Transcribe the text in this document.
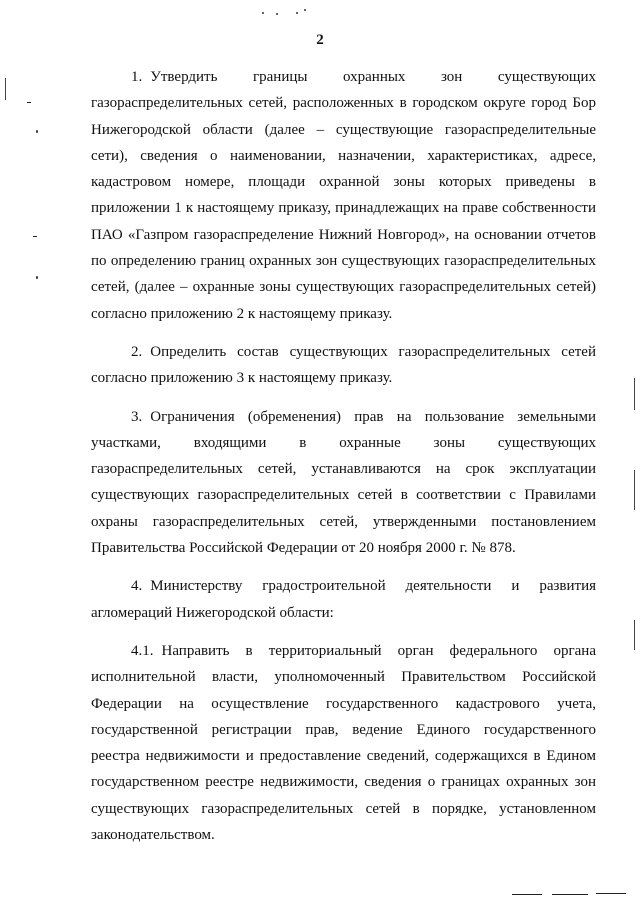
2

1. Утвердить границы охранных зон существующих газораспределительных сетей, расположенных в городском округе город Бор Нижегородской области (далее – существующие газораспределительные сети), сведения о наименовании, назначении, характеристиках, адресе, кадастровом номере, площади охранной зоны которых приведены в приложении 1 к настоящему приказу, принадлежащих на праве собственности ПАО «Газпром газораспределение Нижний Новгород», на основании отчетов по определению границ охранных зон существующих газораспределительных сетей, (далее – охранные зоны существующих газораспределительных сетей) согласно приложению 2 к настоящему приказу.

2. Определить состав существующих газораспределительных сетей согласно приложению 3 к настоящему приказу.

3. Ограничения (обременения) прав на пользование земельными участками, входящими в охранные зоны существующих газораспределительных сетей, устанавливаются на срок эксплуатации существующих газораспределительных сетей в соответствии с Правилами охраны газораспределительных сетей, утвержденными постановлением Правительства Российской Федерации от 20 ноября 2000 г. № 878.

4. Министерству градостроительной деятельности и развития агломераций Нижегородской области:

4.1. Направить в территориальный орган федерального органа исполнительной власти, уполномоченный Правительством Российской Федерации на осуществление государственного кадастрового учета, государственной регистрации прав, ведение Единого государственного реестра недвижимости и предоставление сведений, содержащихся в Едином государственном реестре недвижимости, сведения о границах охранных зон существующих газораспределительных сетей в порядке, установленном законодательством.
